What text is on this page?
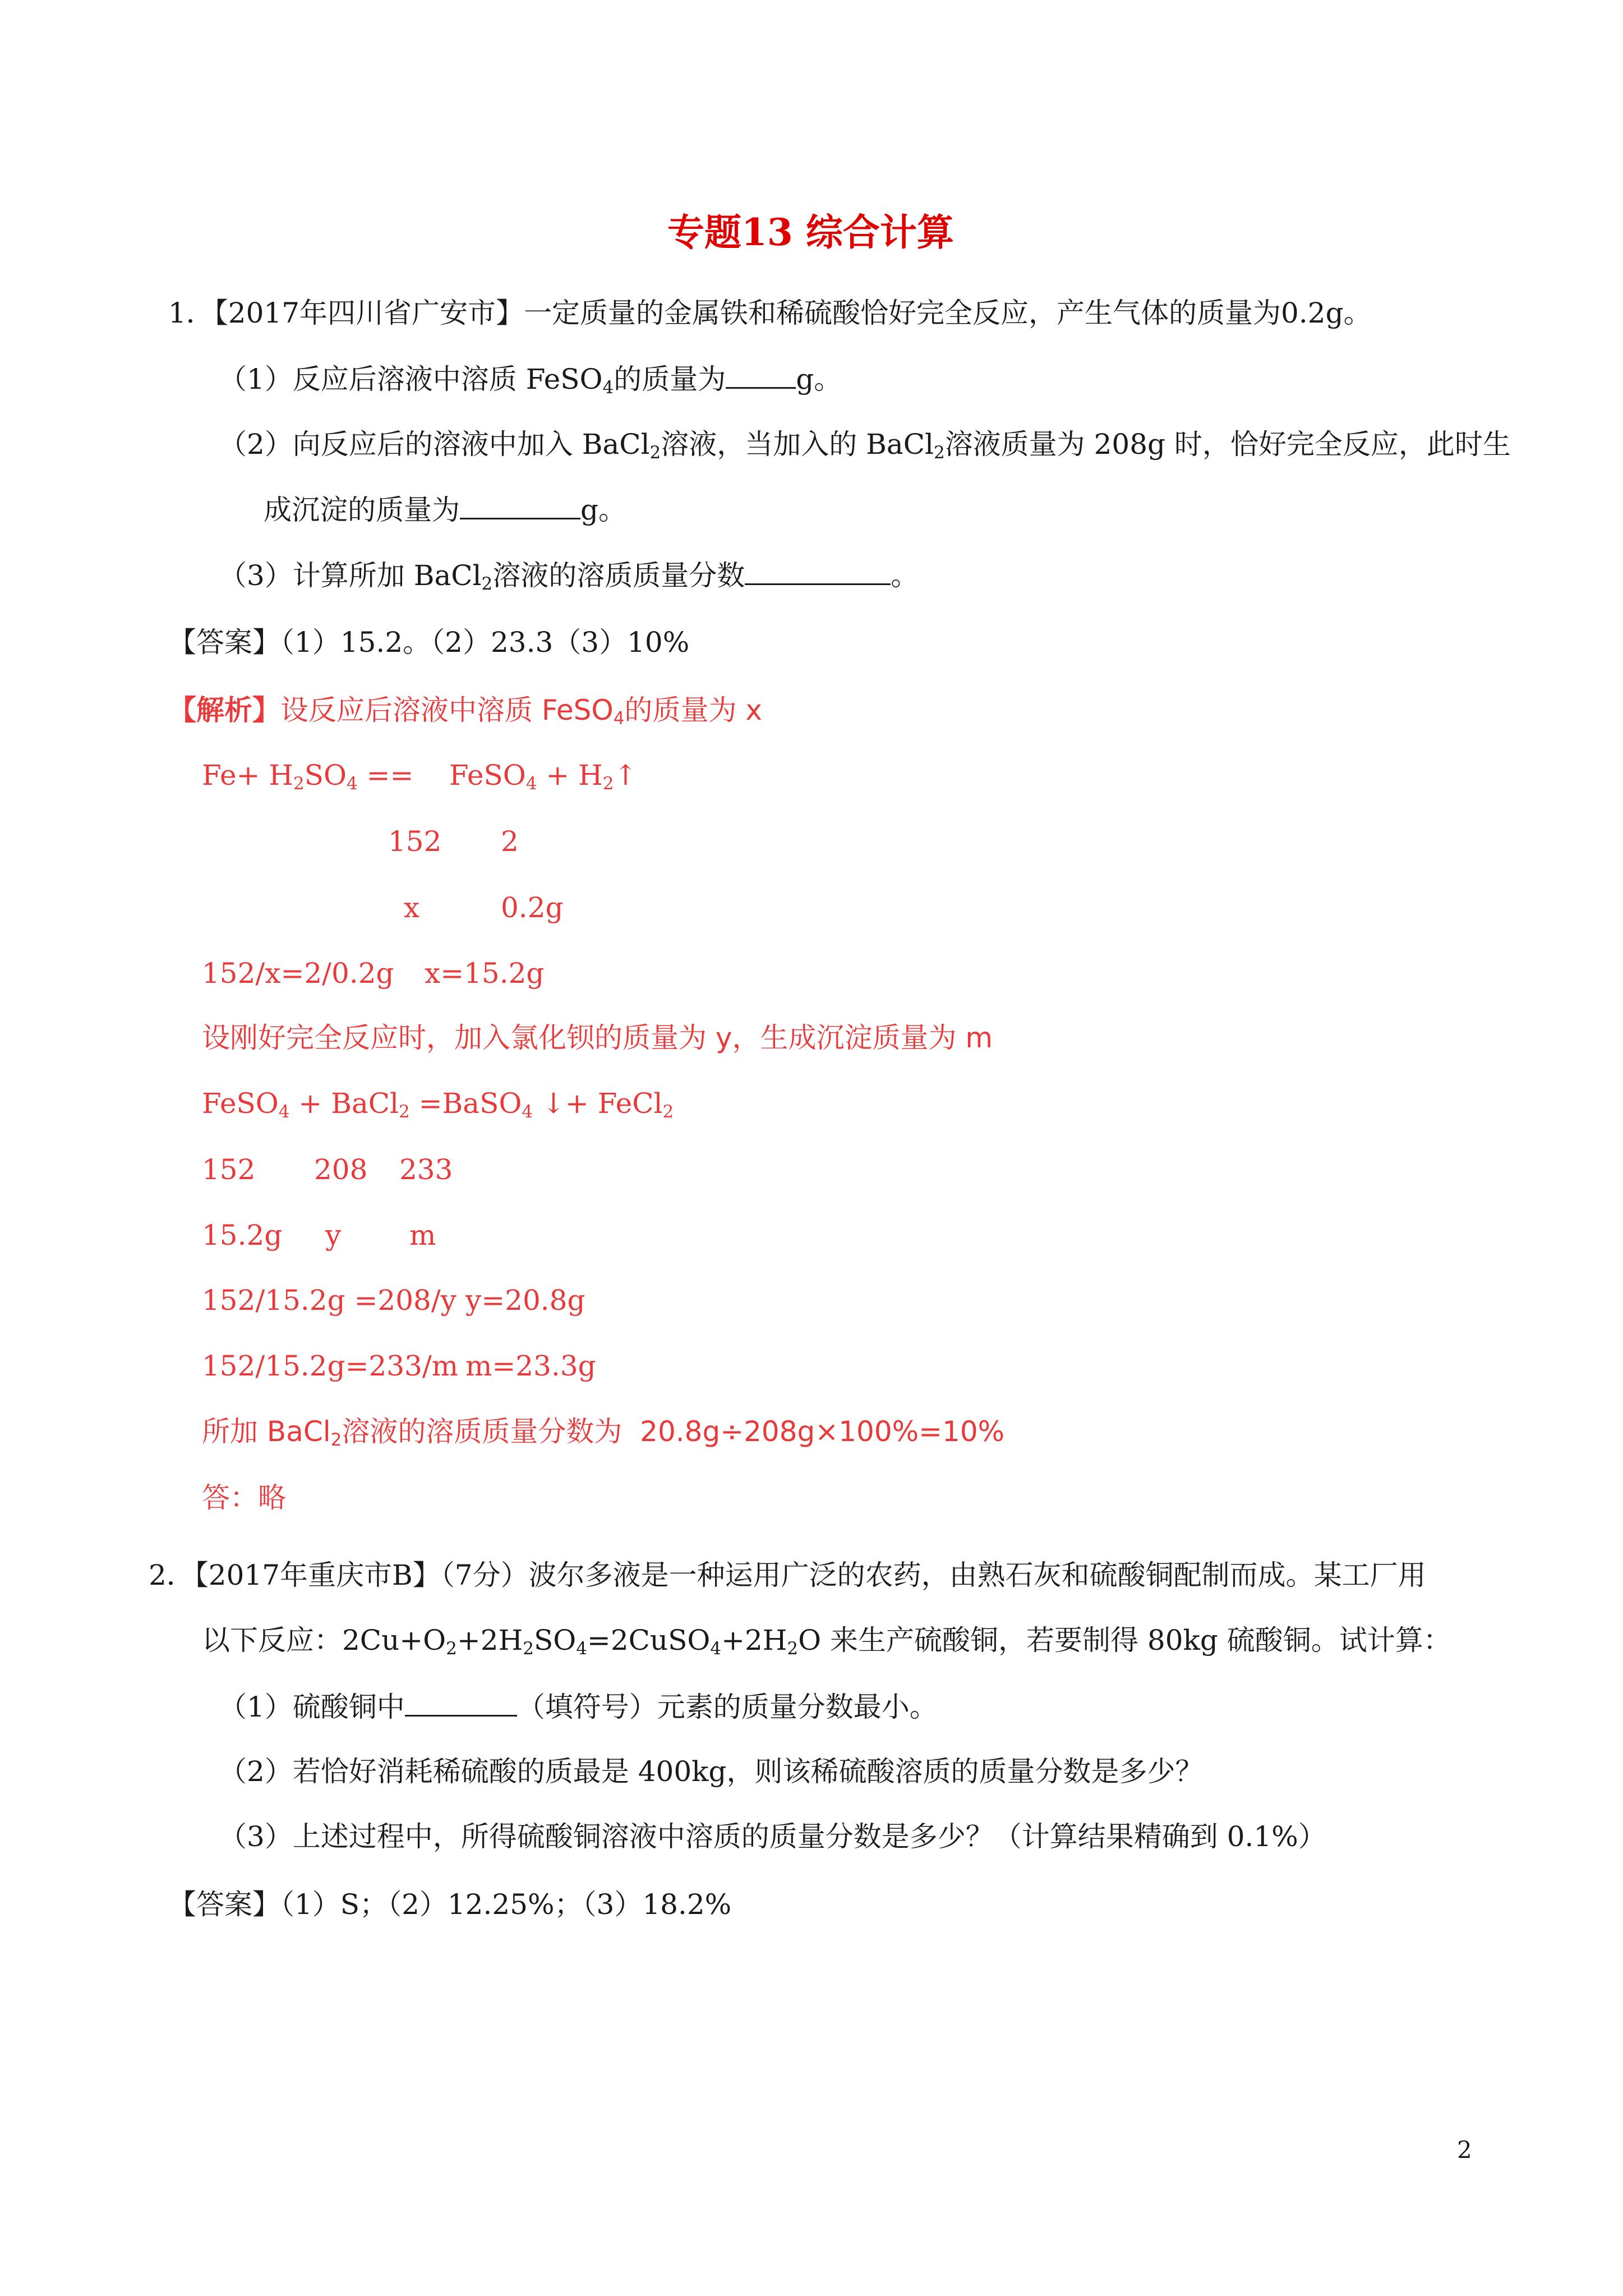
专题13 综合计算
1．【2017年四川省广安市】一定质量的金属铁和稀硫酸恰好完全反应，产生气体的质量为0.2g。
（1）反应后溶液中溶质 FeSO$_4$的质量为	g。
（2）向反应后的溶液中加入 BaCl$_2$溶液，当加入的 BaCl$_2$溶液质量为 208g 时，恰好完全反应，此时生
成沉淀的质量为	g。
（3）计算所加 BaCl$_2$溶液的溶质质量分数	。
【答案】（1）15.2。（2）23.3（3）10%
【解析】设反应后溶液中溶质 FeSO$_4$的质量为 x
$Fe+ H_2SO_4$ ==    FeSO$_4$ + $H_2↑$
152 2
x	0.2g
152/x=2/0.2g x=15.2g
设刚好完全反应时，加入氯化钡的质量为 y，生成沉淀质量为 m
FeSO$_4$ + BaCl$_2$ =BaSO$_4$ ↓+ FeCl$_2$
152 208 233
15.2g y m
152/15.2g =208/y y=20.8g
152/15.2g=233/m m=23.3g
所加 BaCl$_2$溶液的溶质质量分数为  20.8g÷208g×100%=10%
答：略
2．【2017年重庆市B】（7分）波尔多液是一种运用广泛的农药，由熟石灰和硫酸铜配制而成。某工厂用
以下反应：$2Cu+O_2+2H_2SO_4=2CuSO_4+2H_2O$ 来生产硫酸铜，若要制得 80kg 硫酸铜。试计算：
（1）硫酸铜中	（填符号）元素的质量分数最小。
（2）若恰好消耗稀硫酸的质最是 400kg，则该稀硫酸溶质的质量分数是多少？
（3）上述过程中，所得硫酸铜溶液中溶质的质量分数是多少？（计算结果精确到 0.1%）
【答案】（1）S；（2）12.25%；（3）18.2%
2
